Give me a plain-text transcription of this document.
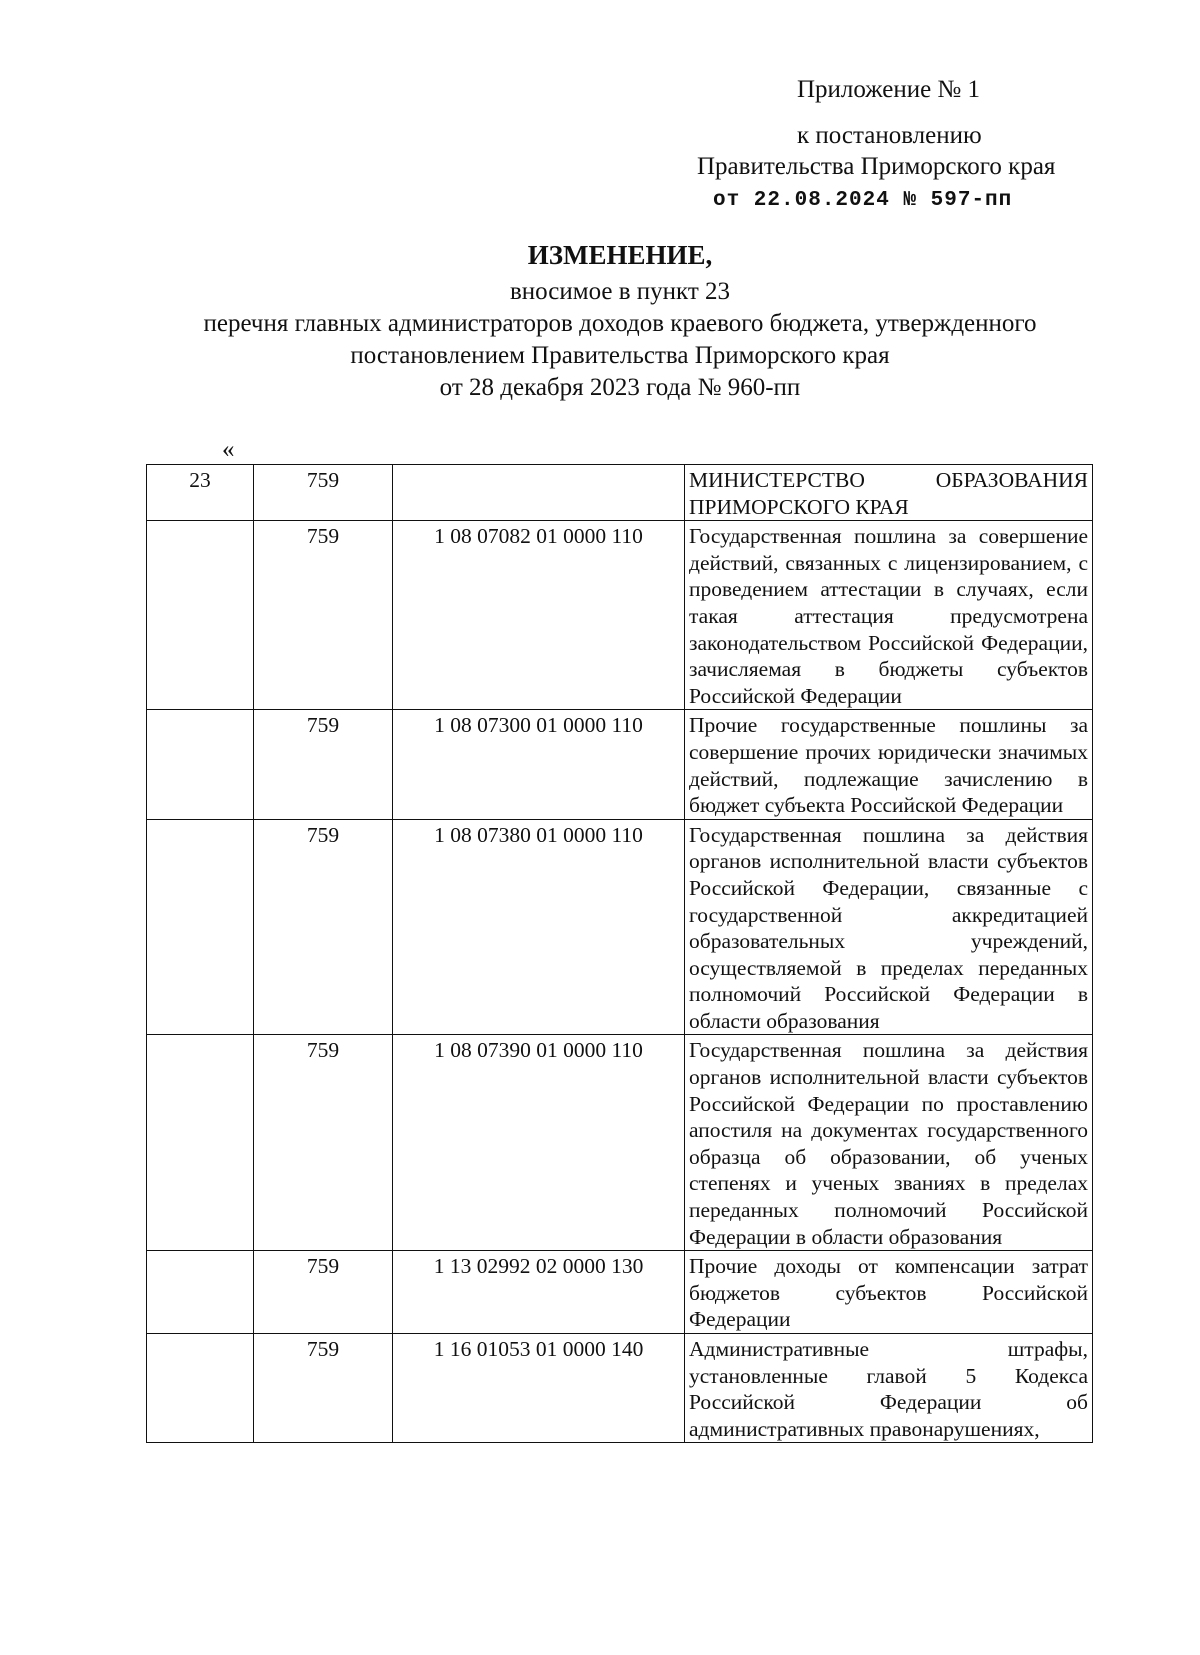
Приложение № 1
к постановлению
Правительства Приморского края
от 22.08.2024 № 597-пп
ИЗМЕНЕНИЕ,
вносимое в пункт 23
перечня главных администраторов доходов краевого бюджета, утвержденного
постановлением Правительства Приморского края
от 28 декабря 2023 года № 960-пп
«
23	759		МИНИСТЕРСТВО ОБРАЗОВАНИЯ ПРИМОРСКОГО КРАЯ
	759	1 08 07082 01 0000 110	Государственная пошлина за совершение действий, связанных с лицензированием, с проведением аттестации в случаях, если такая аттестация предусмотрена законодательством Российской Федерации, зачисляемая в бюджеты субъектов Российской Федерации
	759	1 08 07300 01 0000 110	Прочие государственные пошлины за совершение прочих юридически значимых действий, подлежащие зачислению в бюджет субъекта Российской Федерации
	759	1 08 07380 01 0000 110	Государственная пошлина за действия органов исполнительной власти субъектов Российской Федерации, связанные с государственной аккредитацией образовательных учреждений, осуществляемой в пределах переданных полномочий Российской Федерации в области образования
	759	1 08 07390 01 0000 110	Государственная пошлина за действия органов исполнительной власти субъектов Российской Федерации по проставлению апостиля на документах государственного образца об образовании, об ученых степенях и ученых званиях в пределах переданных полномочий Российской Федерации в области образования
	759	1 13 02992 02 0000 130	Прочие доходы от компенсации затрат бюджетов субъектов Российской Федерации
	759	1 16 01053 01 0000 140	Административные штрафы, установленные главой 5 Кодекса Российской Федерации об административных правонарушениях,
